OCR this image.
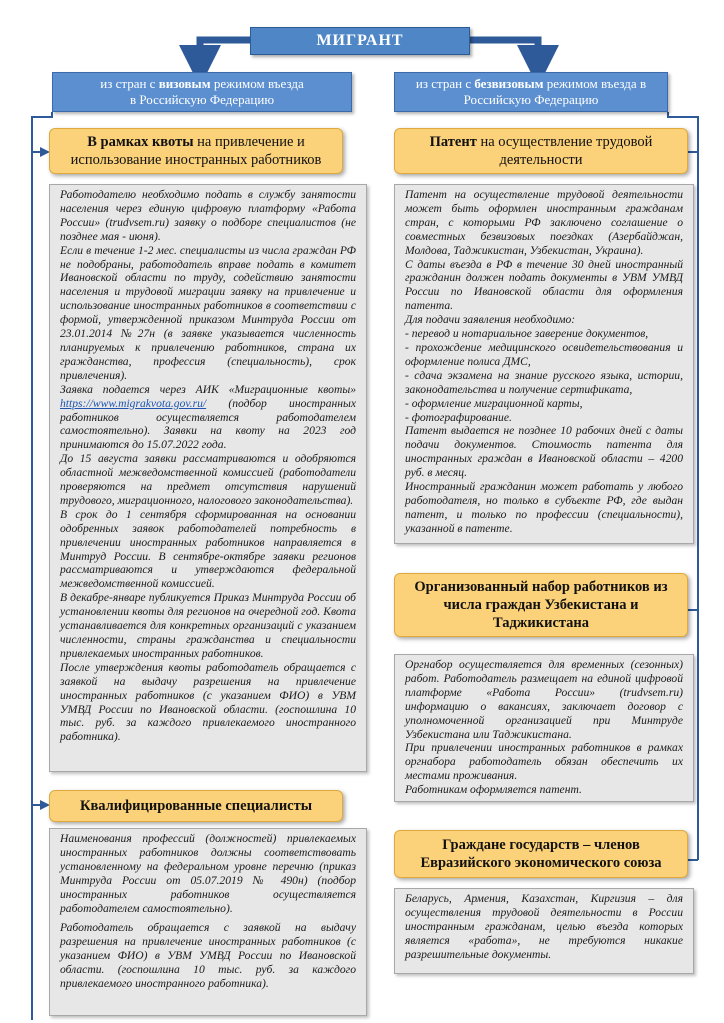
МИГРАНТ
из стран с визовым режимом въезда
в Российскую Федерацию
из стран с безвизовым режимом въезда в
Российскую Федерацию
В рамках квоты на привлечение и
использование иностранных работников

Работодателю необходимо подать в службу занятости населения через единую цифровую платформу «Работа России» (trudvsem.ru) заявку о подборе специалистов (не позднее мая - июня).

Если в течение 1-2 мес. специалисты из числа граждан РФ не подобраны, работодатель вправе подать в комитет Ивановской области по труду, содействию занятости населения и трудовой миграции заявку на привлечение и использование иностранных работников в соответствии с формой, утвержденной приказом Минтруда России от 23.01.2014 №27н (в заявке указывается численность планируемых к привлечению работников, страна их гражданства, профессия (специальность), срок привлечения).

Заявка подается через АИК «Миграционные квоты» https://www.migrakvota.gov.ru/ (подбор иностранных работников осуществляется работодателем самостоятельно). Заявки на квоту на 2023 год принимаются до 15.07.2022 года.

До 15 августа заявки рассматриваются и одобряются областной межведомственной комиссией (работодатели проверяются на предмет отсутствия нарушений трудового, миграционного, налогового законодательства).

В срок до 1 сентября сформированная на основании одобренных заявок работодателей потребность в привлечении иностранных работников направляется в Минтруд России. В сентябре-октябре заявки регионов рассматриваются и утверждаются федеральной межведомственной комиссией.

В декабре-январе публикуется Приказ Минтруда России об установлении квоты для регионов на очередной год. Квота устанавливается для конкретных организаций с указанием численности, страны гражданства и специальности привлекаемых иностранных работников.

После утверждения квоты работодатель обращается с заявкой на выдачу разрешения на привлечение иностранных работников (с указанием ФИО) в УВМ УМВД России по Ивановской области. (госпошлина 10 тыс. руб. за каждого привлекаемого иностранного работника).

Квалифицированные специалисты

Наименования профессий (должностей) привлекаемых иностранных работников должны соответствовать установленному на федеральном уровне перечню (приказ Минтруда России от 05.07.2019 № 490н) (подбор иностранных работников осуществляется работодателем самостоятельно).

Работодатель обращается с заявкой на выдачу разрешения на привлечение иностранных работников (с указанием ФИО) в УВМ УМВД России по Ивановской области. (госпошлина 10 тыс. руб. за каждого привлекаемого иностранного работника).

Патент на осуществление трудовой
деятельности

Патент на осуществление трудовой деятельности может быть оформлен иностранным гражданам стран, с которыми РФ заключено соглашение о совместных безвизовых поездках (Азербайджан, Молдова, Таджикистан, Узбекистан, Украина).

С даты въезда в РФ в течение 30 дней иностранный гражданин должен подать документы в УВМ УМВД России по Ивановской области для оформления патента.

Для подачи заявления необходимо:

- перевод и нотариальное заверение документов,

- прохождение медицинского освидетельствования и оформление полиса ДМС,

- сдача экзамена на знание русского языка, истории, законодательства и получение сертификата,

- оформление миграционной карты,

- фотографирование.

Патент выдается не позднее 10 рабочих дней с даты подачи документов. Стоимость патента для иностранных граждан в Ивановской области – 4200 руб. в месяц.

Иностранный гражданин может работать у любого работодателя, но только в субъекте РФ, где выдан патент, и только по профессии (специальности), указанной в патенте.

Организованный набор работников из
числа граждан Узбекистана и
Таджикистана

Оргнабор осуществляется для временных (сезонных) работ. Работодатель размещает на единой цифровой платформе «Работа России» (trudvsem.ru) информацию о вакансиях, заключает договор с уполномоченной организацией при Минтруде Узбекистана или Таджикистана.

При привлечении иностранных работников в рамках оргнабора работодатель обязан обеспечить их местами проживания.

Работникам оформляется патент.

Граждане государств – членов
Евразийского экономического союза

Беларусь, Армения, Казахстан, Киргизия – для осуществления трудовой деятельности в России иностранным гражданам, целью въезда которых является «работа», не требуются никакие разрешительные документы.
